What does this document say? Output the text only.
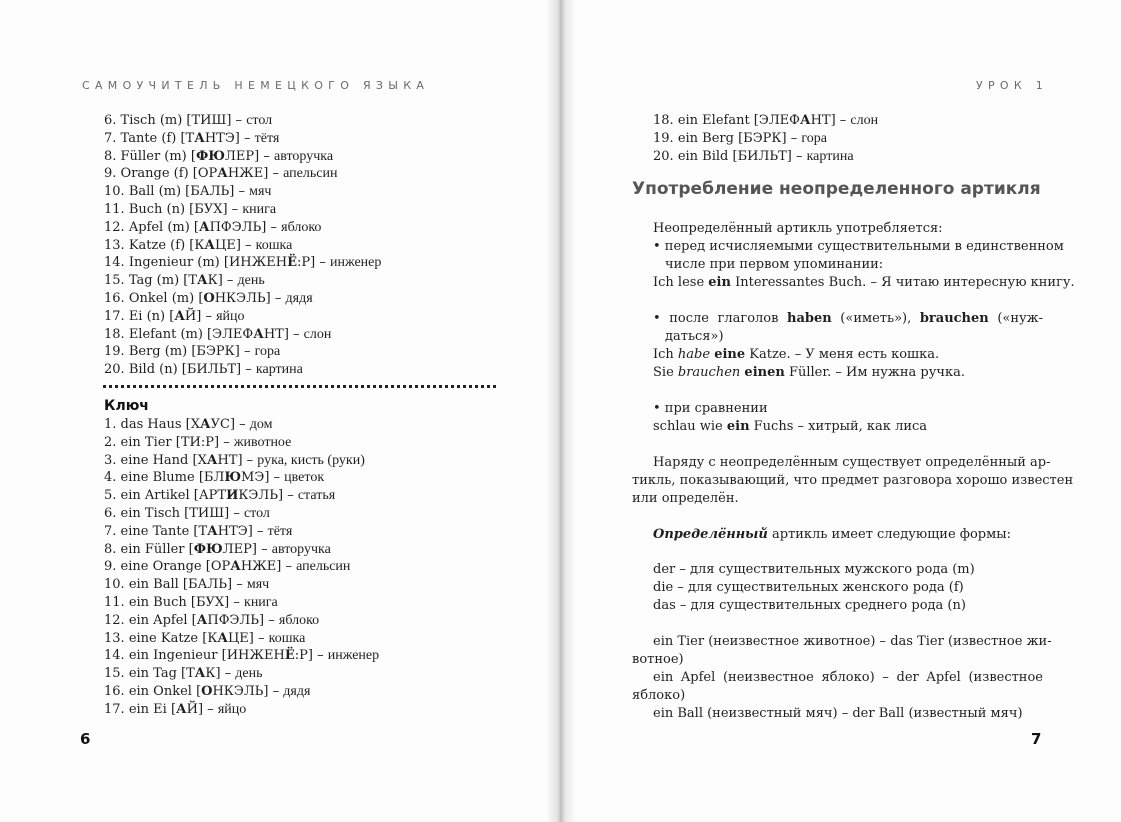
САМОУЧИТЕЛЬ НЕМЕЦКОГО ЯЗЫКА	УРОК 1
6. Tisch (m) [ТИШ] – стол
7. Tante (f) [ТАНТЭ] – тётя
8. Füller (m) [ФЮЛЕР] – авторучка
9. Orange (f) [ОРАНЖЕ] – апельсин
10. Ball (m) [БАЛЬ] – мяч
11. Buch (n) [БУХ] – книга
12. Apfel (m) [АПФЭЛЬ] – яблоко
13. Katze (f) [КАЦЕ] – кошка
14. Ingenieur (m) [ИНЖЕНЁ:Р] – инженер
15. Tag (m) [ТАК] – день
16. Onkel (m) [ОНКЭЛЬ] – дядя
17. Ei (n) [АЙ] – яйцо
18. Elefant (m) [ЭЛЕФАНТ] – слон
19. Berg (m) [БЭРК] – гора
20. Bild (n) [БИЛЬТ] – картина
Ключ
1. das Haus [ХАУС] – дом
2. ein Tier [ТИ:Р] – животное
3. eine Hand [ХАНТ] – рука, кисть (руки)
4. eine Blume [БЛЮМЭ] – цветок
5. ein Artikel [АРТИКЭЛЬ] – статья
6. ein Tisch [ТИШ] – стол
7. eine Tante [ТАНТЭ] – тётя
8. ein Füller [ФЮЛЕР] – авторучка
9. eine Orange [ОРАНЖЕ] – апельсин
10. ein Ball [БАЛЬ] – мяч
11. ein Buch [БУХ] – книга
12. ein Apfel [АПФЭЛЬ] – яблоко
13. eine Katze [КАЦЕ] – кошка
14. ein Ingenieur [ИНЖЕНЁ:Р] – инженер
15. ein Tag [ТАК] – день
16. ein Onkel [ОНКЭЛЬ] – дядя
17. ein Ei [АЙ] – яйцо
6
18. ein Elefant [ЭЛЕФАНТ] – слон
19. ein Berg [БЭРК] – гора
20. ein Bild [БИЛЬТ] – картина
Употребление неопределенного артикля
Неопределённый артикль употребляется:
• перед исчисляемыми существительными в единственном
числе при первом упоминании:
Ich lese ein Interessantes Buch. – Я читаю интересную книгу.
• после глаголов haben («иметь»), brauchen («нуж-
даться»)
Ich habe eine Katze. – У меня есть кошка.
Sie brauchen einen Füller. – Им нужна ручка.
• при сравнении
schlau wie ein Fuchs – хитрый, как лиса
Наряду с неопределённым существует определённый ар-
тикль, показывающий, что предмет разговора хорошо известен
или определён.
Определённый артикль имеет следующие формы:
der – для существительных мужского рода (m)
die – для существительных женского рода (f)
das – для существительных среднего рода (n)
ein Tier (неизвестное животное) – das Tier (известное жи-
вотное)
ein Apfel (неизвестное яблоко) – der Apfel (известное
яблоко)
ein Ball (неизвестный мяч) – der Ball (известный мяч)
7
